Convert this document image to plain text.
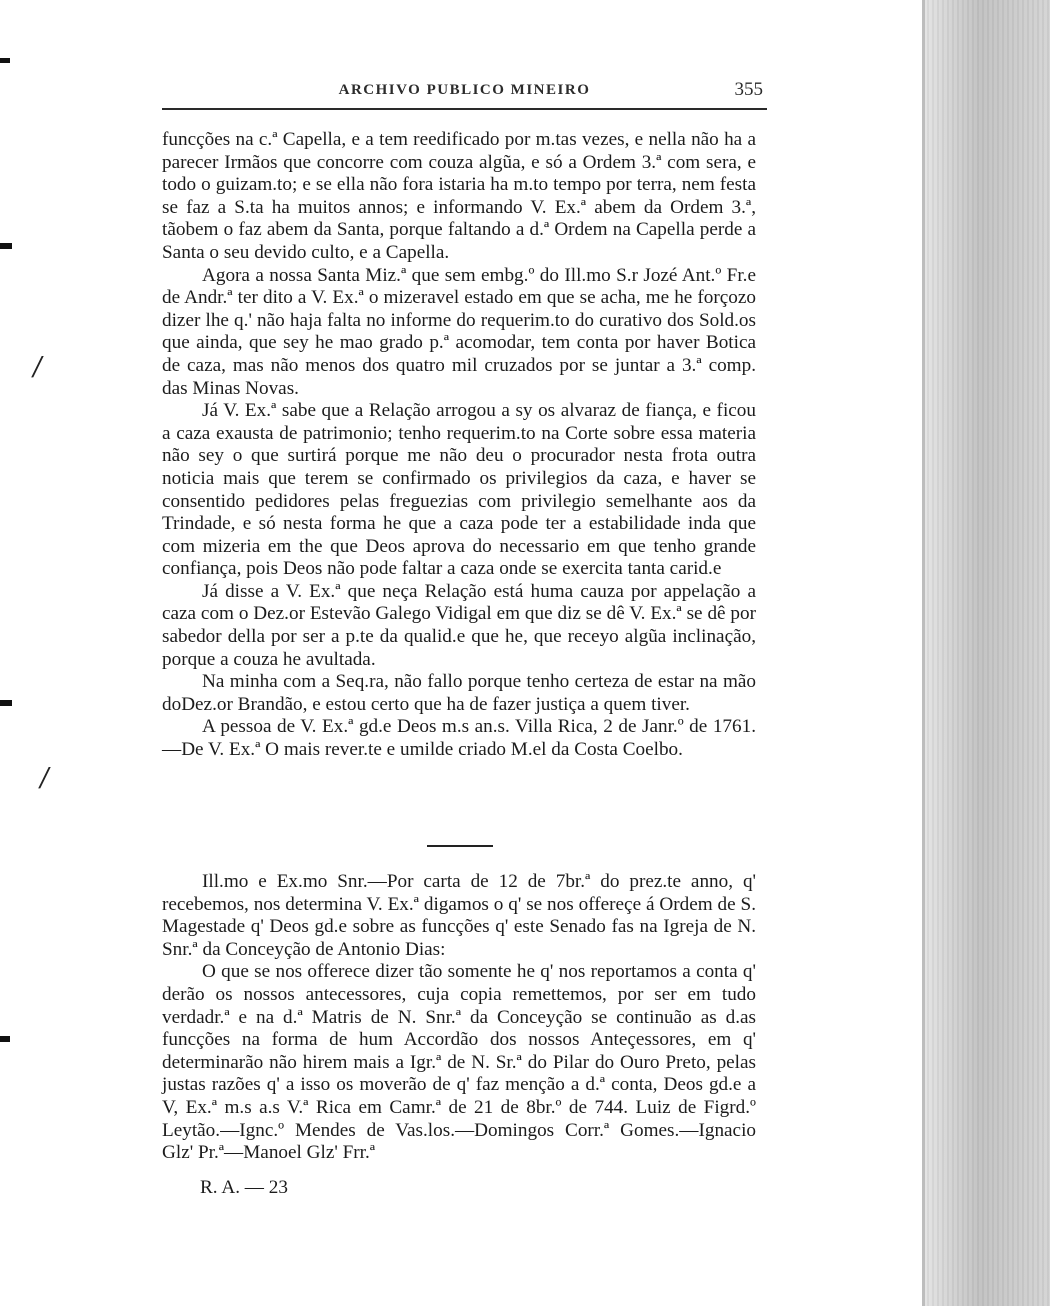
/
/
ARCHIVO PUBLICO MINEIRO	355

funcções na c.ª Capella, e a tem reedificado por m.tas vezes, e nella não ha a parecer Irmãos que concorre com couza algũa, e só a Ordem 3.ª com sera, e todo o guizam.to; e se ella não fora istaria ha m.to tempo por terra, nem festa se faz a S.ta ha muitos annos; e informando V. Ex.ª abem da Ordem 3.ª, tãobem o faz abem da Santa, porque faltando a d.ª Ordem na Capella perde a Santa o seu devido culto, e a Capella.

Agora a nossa Santa Miz.ª que sem embg.º do Ill.mo S.r Jozé Ant.º Fr.e de Andr.ª ter dito a V. Ex.ª o mizeravel estado em que se acha, me he forçozo dizer lhe q.' não haja falta no informe do requerim.to do curativo dos Sold.os que ainda, que sey he mao grado p.ª acomodar, tem conta por haver Botica de caza, mas não menos dos quatro mil cruzados por se juntar a 3.ª comp. das Minas Novas.

Já V. Ex.ª sabe que a Relação arrogou a sy os alvaraz de fiança, e ficou a caza exausta de patrimonio; tenho requerim.to na Corte sobre essa materia não sey o que surtirá porque me não deu o procurador nesta frota outra noticia mais que terem se confirmado os privilegios da caza, e haver se consentido pedidores pelas freguezias com privilegio semelhante aos da Trindade, e só nesta forma he que a caza pode ter a estabilidade inda que com mizeria em the que Deos aprova do necessario em que tenho grande confiança, pois Deos não pode faltar a caza onde se exercita tanta carid.e

Já disse a V. Ex.ª que neça Relação está huma cauza por appelação a caza com o Dez.or Estevão Galego Vidigal em que diz se dê V. Ex.ª se dê por sabedor della por ser a p.te da qualid.e que he, que receyo algũa inclinação, porque a couza he avultada.

Na minha com a Seq.ra, não fallo porque tenho certeza de estar na mão doDez.or Brandão, e estou certo que ha de fazer justiça a quem tiver.

A pessoa de V. Ex.ª gd.e Deos m.s an.s. Villa Rica, 2 de Janr.º de 1761.—De V. Ex.ª O mais rever.te e umilde criado M.el da Costa Coelbo.

Ill.mo e Ex.mo Snr.—Por carta de 12 de 7br.ª do prez.te anno, q' recebemos, nos determina V. Ex.ª digamos o q' se nos offereçe á Ordem de S. Magestade q' Deos gd.e sobre as funcções q' este Senado fas na Igreja de N. Snr.ª da Conceyção de Antonio Dias:

O que se nos offerece dizer tão somente he q' nos reportamos a conta q' derão os nossos antecessores, cuja copia remettemos, por ser em tudo verdadr.ª e na d.ª Matris de N. Snr.ª da Conceyção se continuão as d.as funcções na forma de hum Accordão dos nossos Anteçessores, em q' determinarão não hirem mais a Igr.ª de N. Sr.ª do Pilar do Ouro Preto, pelas justas razões q' a isso os moverão de q' faz menção a d.ª conta, Deos gd.e a V, Ex.ª m.s a.s V.ª Rica em Camr.ª de 21 de 8br.º de 744. Luiz de Figrd.º Leytão.—Ignc.º Mendes de Vas.los.—Domingos Corr.ª Gomes.—Ignacio Glz' Pr.ª—Manoel Glz' Frr.ª

R. A. — 23
